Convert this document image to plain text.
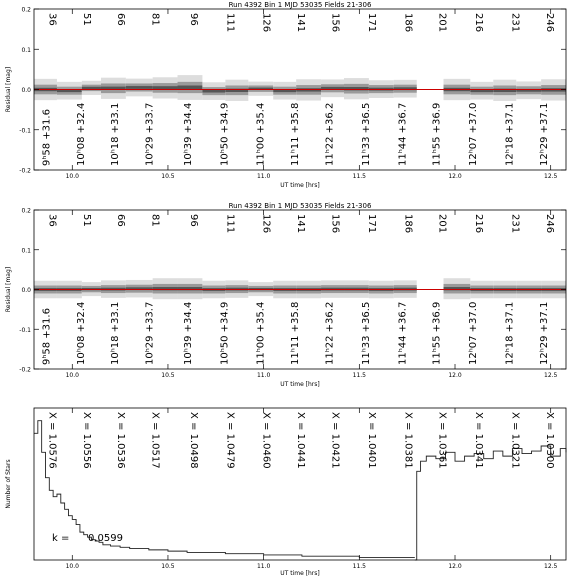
Run 4392 Bin 1 MJD 53035 Fields 21-306
36
9ʰ58 +31.6
51
10ʰ08 +32.4
66
10ʰ18 +33.1
81
10ʰ29 +33.7
96
10ʰ39 +34.4
111
10ʰ50 +34.9
126
11ʰ00 +35.4
141
11ʰ11 +35.8
156
11ʰ22 +36.2
171
11ʰ33 +36.5
186
11ʰ44 +36.7
201
11ʰ55 +36.9
216
12ʰ07 +37.0
231
12ʰ18 +37.1
246
12ʰ29 +37.1
-0.2
-0.1
0.0
0.1
0.2
10.0	10.5	11.0	11.5	12.0	12.5
UT time [hrs]
Residual [mag]
Run 4392 Bin 1 MJD 53035 Fields 21-306
36
9ʰ58 +31.6
51
10ʰ08 +32.4
66
10ʰ18 +33.1
81
10ʰ29 +33.7
96
10ʰ39 +34.4
111
10ʰ50 +34.9
126
11ʰ00 +35.4
141
11ʰ11 +35.8
156
11ʰ22 +36.2
171
11ʰ33 +36.5
186
11ʰ44 +36.7
201
11ʰ55 +36.9
216
12ʰ07 +37.0
231
12ʰ18 +37.1
246
12ʰ29 +37.1
-0.2
-0.1
0.0
0.1
0.2
10.0	10.5	11.0	11.5	12.0	12.5
UT time [hrs]
Residual [mag]
X = 1.0576 X = 1.0556 X = 1.0536 X = 1.0517	X = 1.0498	X = 1.0479	X = 1.0460 X = 1.0441 X = 1.0421	X = 1.0401	X = 1.0381 X = 1.0361	X = 1.0341	X = 1.0321 X = 1.0300
k = 0.0599
10.0	10.5	11.0	11.5	12.0	12.5
UT time [hrs]
Number of Stars
